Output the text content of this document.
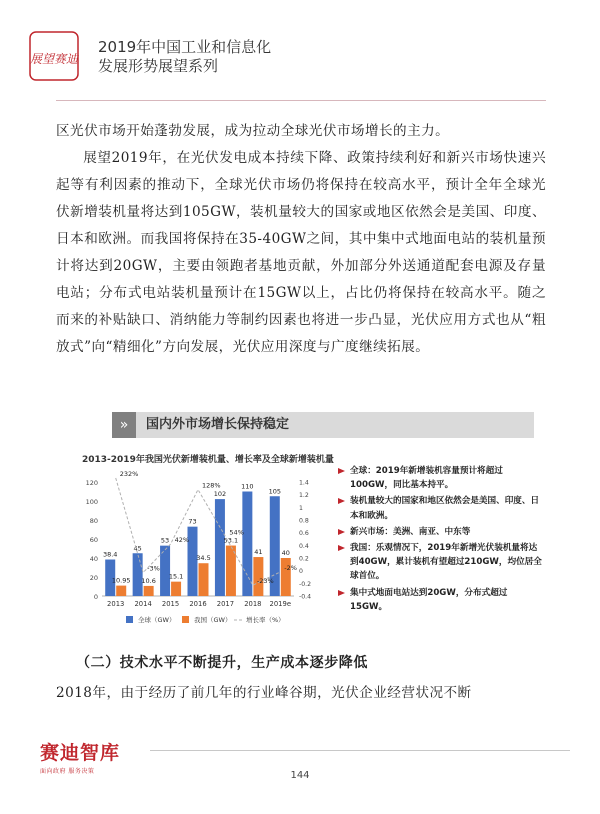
展望赛迪
2019年中国工业和信息化
发展形势展望系列

区光伏市场开始蓬勃发展，成为拉动全球光伏市场增长的主力。

展望2019年，在光伏发电成本持续下降、政策持续利好和新兴市场快速兴起等有利因素的推动下，全球光伏市场仍将保持在较高水平，预计全年全球光伏新增装机量将达到105GW，装机量较大的国家或地区依然会是美国、印度、日本和欧洲。而我国将保持在35-40GW之间，其中集中式地面电站的装机量预计将达到20GW，主要由领跑者基地贡献，外加部分外送通道配套电源及存量电站；分布式电站装机量预计在15GW以上，占比仍将保持在较高水平。随之而来的补贴缺口、消纳能力等制约因素也将进一步凸显，光伏应用方式也从“粗放式”向“精细化”方向发展，光伏应用深度与广度继续拓展。

»	国内外市场增长保持稳定
2013-2019年我国光伏新增装机量、增长率及全球新增装机量
0
20
40
60
80
100
120
-0.4
-0.2
0
0.2
0.4
0.6
0.8
1
1.2
1.4
38.4
10.95
2013
45
10.6
2014
53
15.1
2015
73
34.5
2016
102
53.1
2017
110
41
2018
105
40
2019e
232%
-3%
42%
128%
54%
-23%
-2%
全球（GW）	我国（GW） 增长率（%）
全球：2019年新增装机容量预计将超过100GW，同比基本持平。
装机量较大的国家和地区依然会是美国、印度、日本和欧洲。
新兴市场：美洲、南亚、中东等
我国：乐观情况下，2019年新增光伏装机量将达到40GW，累计装机有望超过210GW，均位居全球首位。
集中式地面电站达到20GW，分布式超过15GW。
（二）技术水平不断提升，生产成本逐步降低
2018年，由于经历了前几年的行业峰谷期，光伏企业经营状况不断
赛迪智库
面向政府 服务决策	144
